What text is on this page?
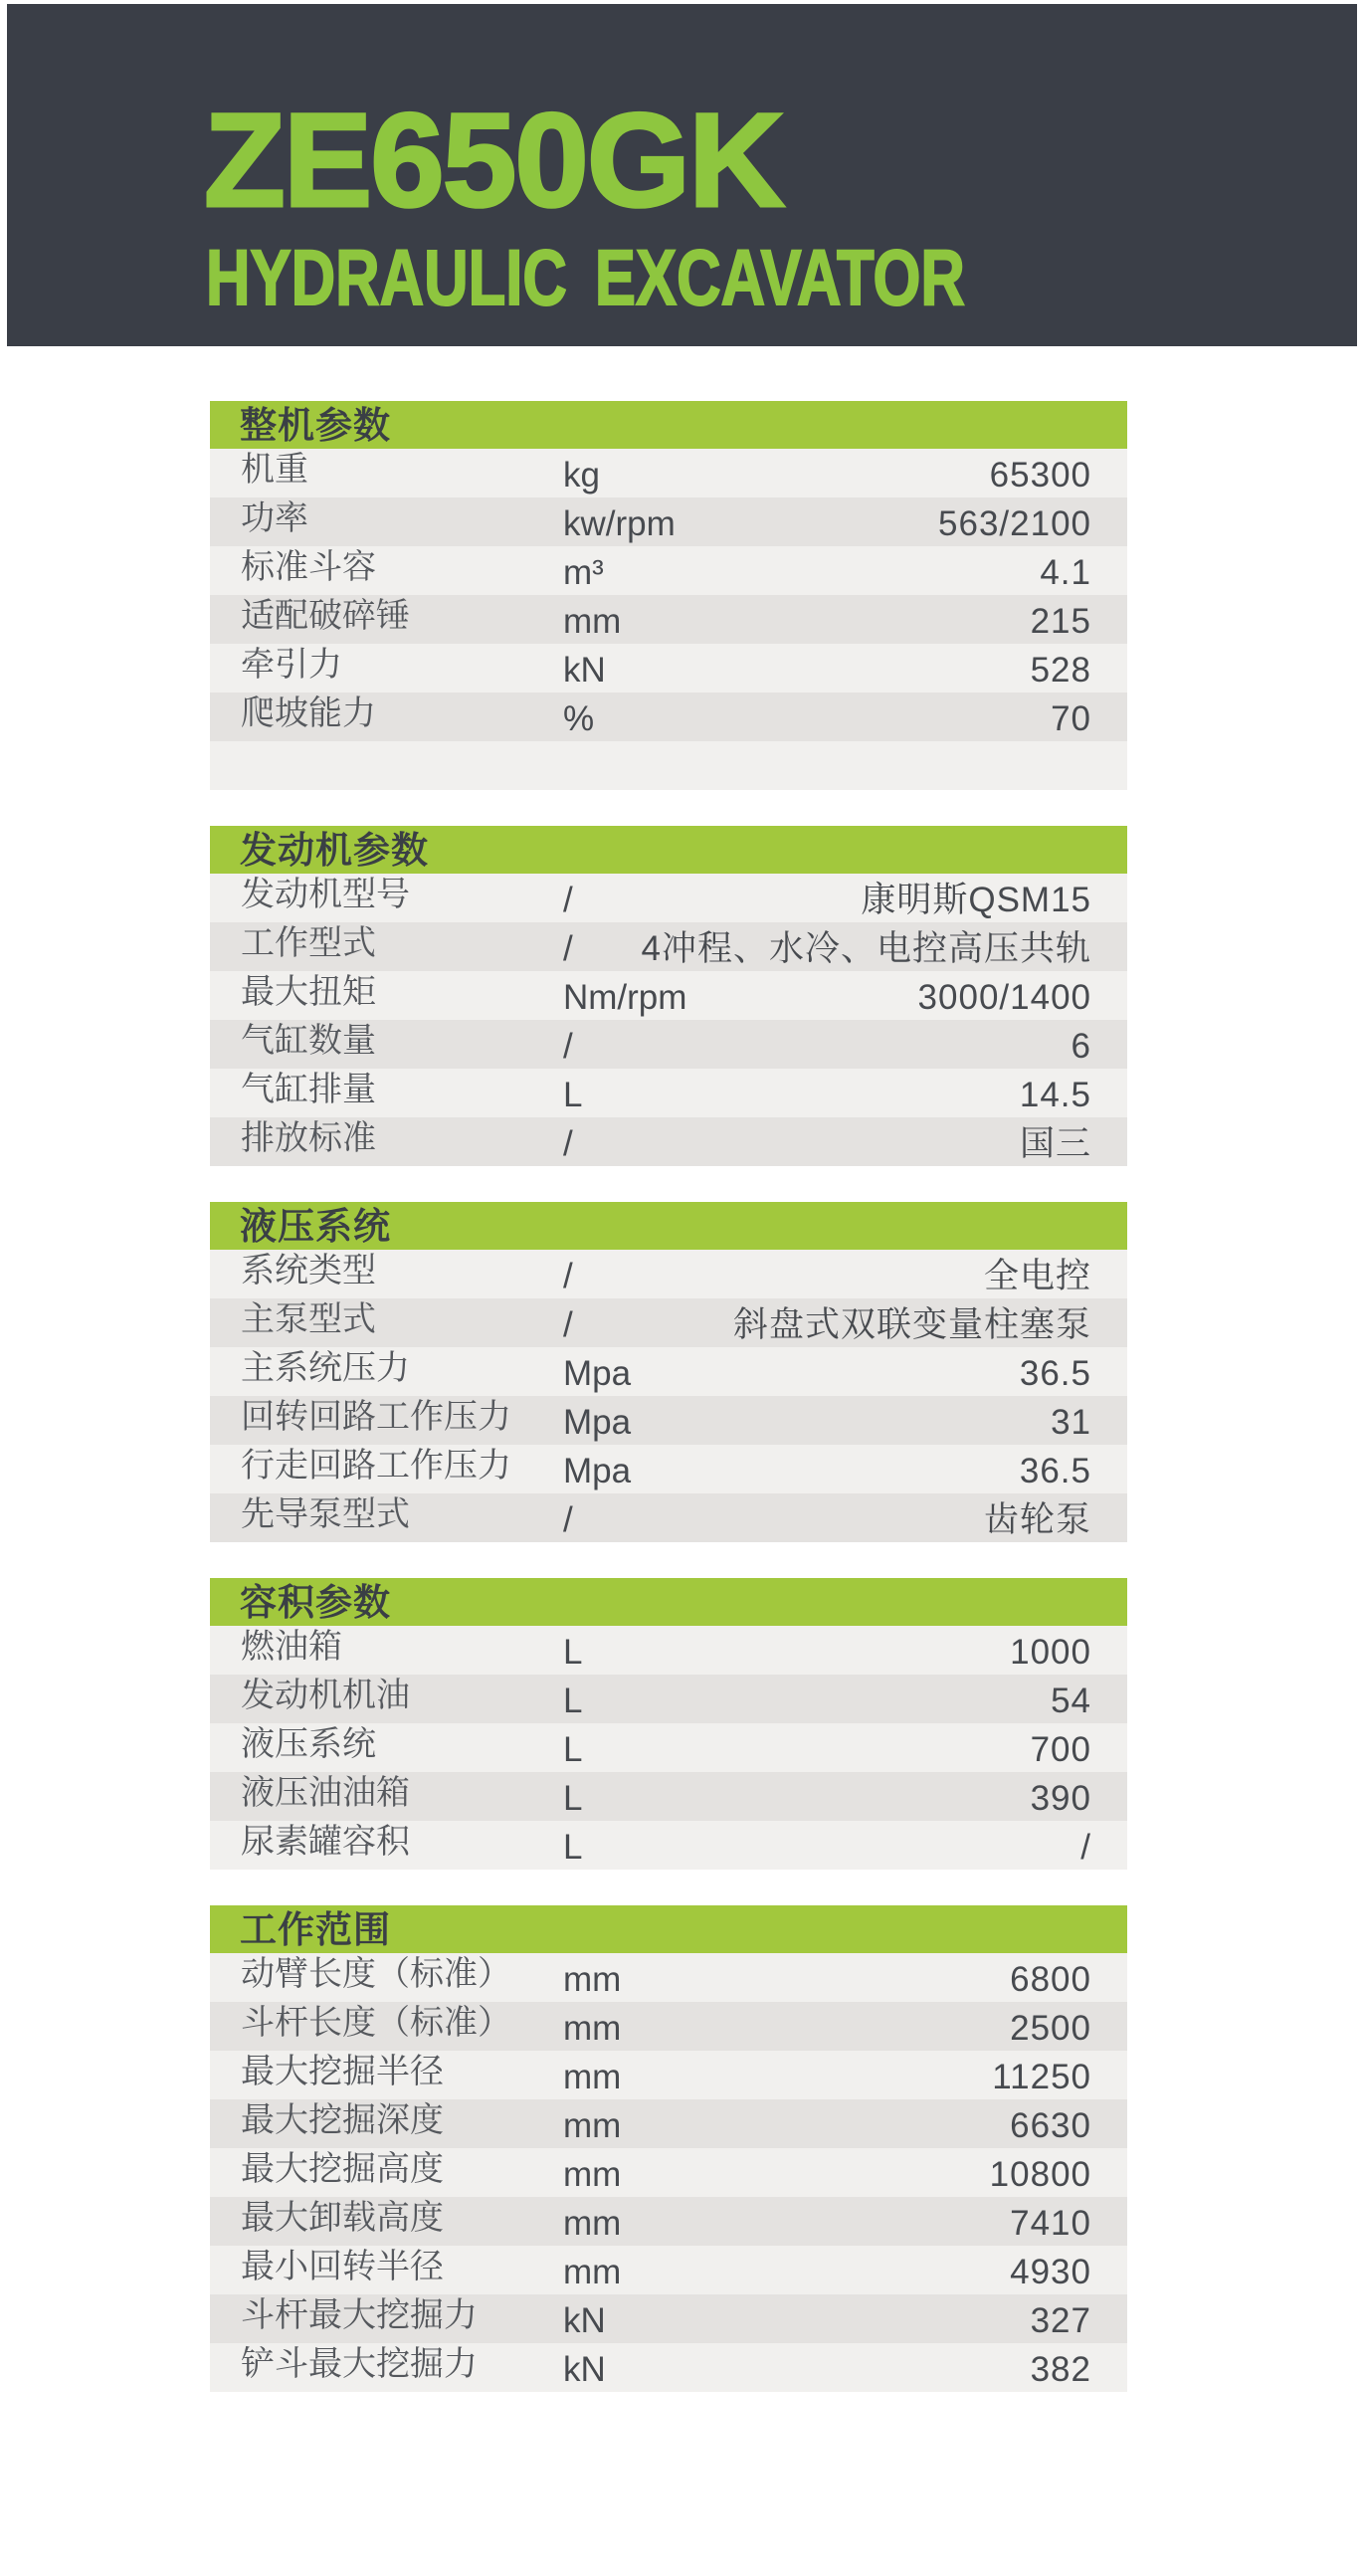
ZE650GK
HYDRAULIC EXCAVATOR
整机参数
机重	kg	65300
功率	kw/rpm	563/2100
标准斗容	m³	4.1
适配破碎锤	mm	215
牵引力	kN	528
爬坡能力	%	70
发动机参数
发动机型号	/	康明斯QSM15
工作型式	/ 4冲程、水冷、电控高压共轨
最大扭矩	Nm/rpm	3000/1400
气缸数量	/	6
气缸排量	L	14.5
排放标准	/	国三
液压系统
系统类型	/	全电控
主泵型式	/	斜盘式双联变量柱塞泵
主系统压力	Mpa	36.5
回转回路工作压力 Mpa	31
行走回路工作压力 Mpa	36.5
先导泵型式	/	齿轮泵
容积参数
燃油箱	L	1000
发动机机油	L	54
液压系统	L	700
液压油油箱	L	390
尿素罐容积	L	/
工作范围
动臂长度（标准） mm	6800
斗杆长度（标准） mm	2500
最大挖掘半径	mm	11250
最大挖掘深度	mm	6630
最大挖掘高度	mm	10800
最大卸载高度	mm	7410
最小回转半径	mm	4930
斗杆最大挖掘力 kN	327
铲斗最大挖掘力 kN	382
